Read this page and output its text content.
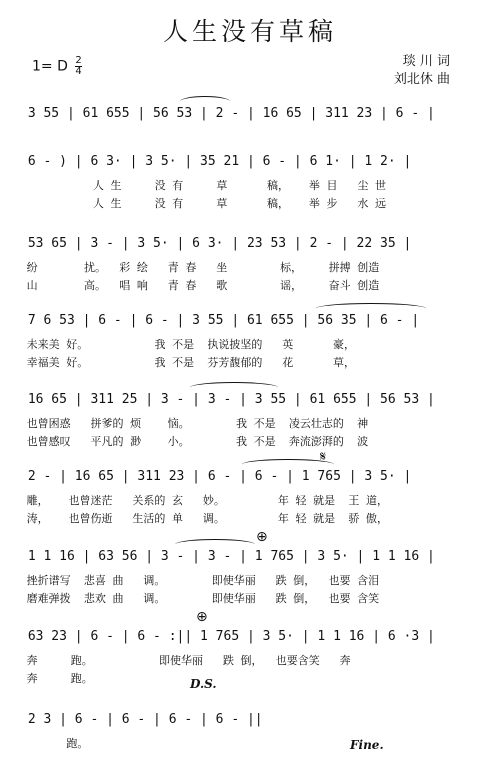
人生没有草稿
1= D $\frac{2}{4}$	琰 川 词
刘北休 曲
3 55 | 61 655 | 56 53 | 2 - | 16 65 | 311 23 | 6 - |
6 - ) | 6 3· | 3 5· | 35 21 | 6 - | 6 1· | 1 2· |
人 生     没 有     草      稿，   举 目   尘 世
人 生     没 有     草      稿，   举 步   水 远
53 65 | 3 - | 3 5· | 6 3· | 23 53 | 2 - | 22 35 |
纷       扰。  彩 绘   青 春   坐        标，    拼搏 创造
山       高。  唱 响   青 春   歌        谣，    奋斗 创造
7 6 53 | 6 - | 6 - | 3 55 | 61 655 | 56 35 | 6 - |
未来美 好。          我 不是  执说披坚的   英      豪，
幸福美 好。          我 不是  芬芳馥郁的   花      草，
16 65 | 311 25 | 3 - | 3 - | 3 55 | 61 655 | 56 53 |
也曾困惑   拼爹的 烦    恼。       我 不是  凌云壮志的  神
也曾感叹   平凡的 渺    小。       我 不是  奔流澎湃的  波
2 - | 16 65 | 311 23 | 6 - | 6 - | 1 765 | 3 5· |
𝄋
雕，   也曾迷茫   关系的 玄   妙。        年 轻 就是  王 道，
涛，   也曾伤逝   生活的 单   调。        年 轻 就是  骄 傲，
1 1 16 | 63 56 | 3 - | 3 - | 1 765 | 3 5· | 1 1 16 |
⊕
挫折谱写  悲喜 曲   调。       即使华丽   跌 倒，  也要 含泪
磨难弹拨  悲欢 曲   调。       即使华丽   跌 倒，  也要 含笑
63 23 | 6 - | 6 - :|| 1 765 | 3 5· | 1 1 16 | 6 ·3 |
⊕
奔     跑。          即使华丽   跌 倒，  也要含笑   奔
奔     跑。	D.S.
2 3 | 6 - | 6 - | 6 - | 6 - ||
跑。	Fine.
